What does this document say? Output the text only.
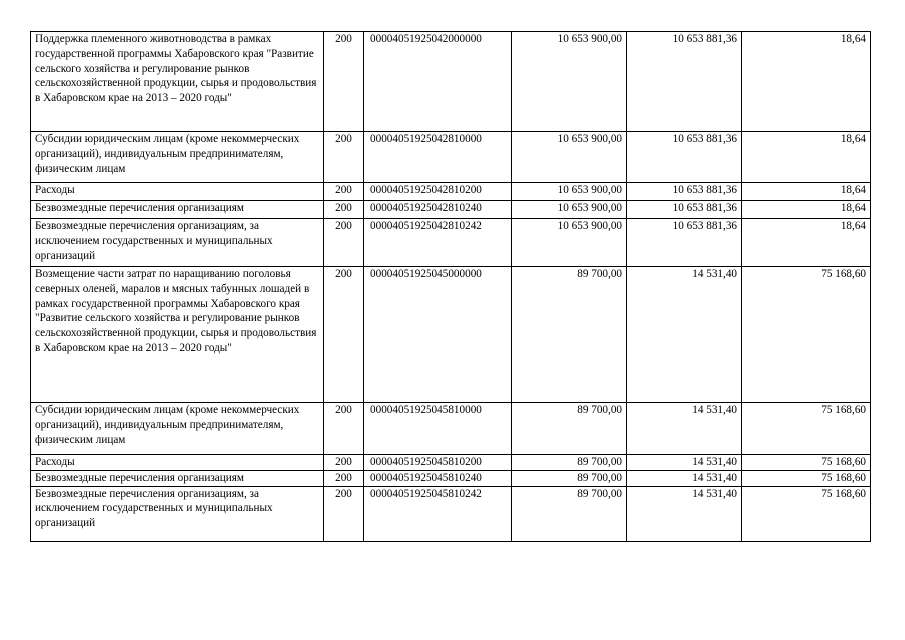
Поддержка племенного животноводства в рамках государственной программы Хабаровского края "Развитие сельского хозяйства и регулирование рынков сельскохозяйственной продукции, сырья и продовольствия в Хабаровском крае на 2013 – 2020 годы"	200	00004051925042000000	10 653 900,00	10 653 881,36	18,64
Субсидии юридическим лицам (кроме некоммерческих организаций), индивидуальным предпринимателям, физическим лицам	200	00004051925042810000	10 653 900,00	10 653 881,36	18,64
Расходы	200	00004051925042810200	10 653 900,00	10 653 881,36	18,64
Безвозмездные перечисления организациям	200	00004051925042810240	10 653 900,00	10 653 881,36	18,64
Безвозмездные перечисления организациям, за исключением государственных и муниципальных организаций	200	00004051925042810242	10 653 900,00	10 653 881,36	18,64
Возмещение части затрат по наращиванию поголовья северных оленей, маралов и мясных табунных лошадей в рамках государственной программы Хабаровского края "Развитие сельского хозяйства и регулирование рынков сельскохозяйственной продукции, сырья и продовольствия в Хабаровском крае на 2013 – 2020 годы"	200	00004051925045000000	89 700,00	14 531,40	75 168,60
Субсидии юридическим лицам (кроме некоммерческих организаций), индивидуальным предпринимателям, физическим лицам	200	00004051925045810000	89 700,00	14 531,40	75 168,60
Расходы	200	00004051925045810200	89 700,00	14 531,40	75 168,60
Безвозмездные перечисления организациям	200	00004051925045810240	89 700,00	14 531,40	75 168,60
Безвозмездные перечисления организациям, за исключением государственных и муниципальных организаций	200	00004051925045810242	89 700,00	14 531,40	75 168,60
